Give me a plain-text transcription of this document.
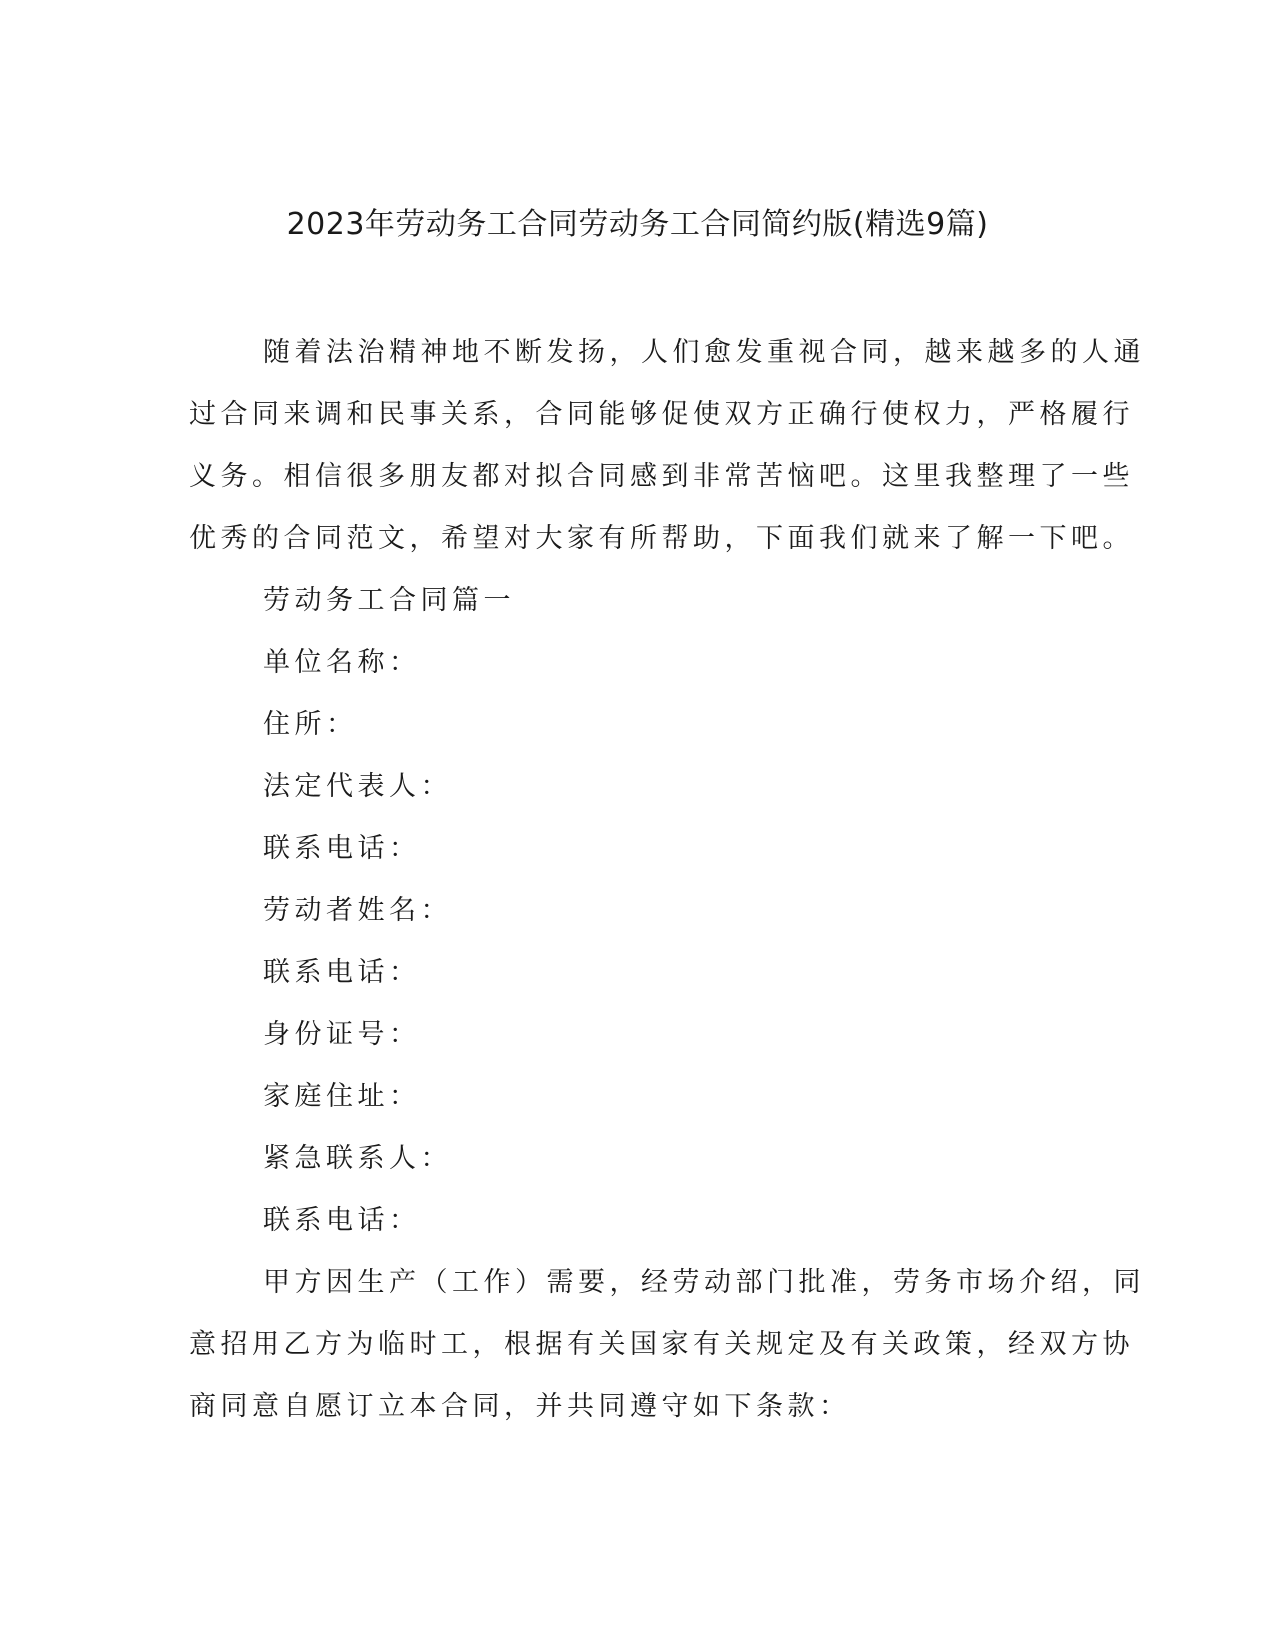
2023年劳动务工合同劳动务工合同简约版(精选9篇)

随着法治精神地不断发扬，人们愈发重视合同，越来越多的人通
过合同来调和民事关系，合同能够促使双方正确行使权力，严格履行
义务。相信很多朋友都对拟合同感到非常苦恼吧。这里我整理了一些
优秀的合同范文，希望对大家有所帮助，下面我们就来了解一下吧。

劳动务工合同篇一

单位名称：

住所：

法定代表人：

联系电话：

劳动者姓名：

联系电话：

身份证号：

家庭住址：

紧急联系人：

联系电话：

甲方因生产（工作）需要，经劳动部门批准，劳务市场介绍，同
意招用乙方为临时工，根据有关国家有关规定及有关政策，经双方协
商同意自愿订立本合同，并共同遵守如下条款：
